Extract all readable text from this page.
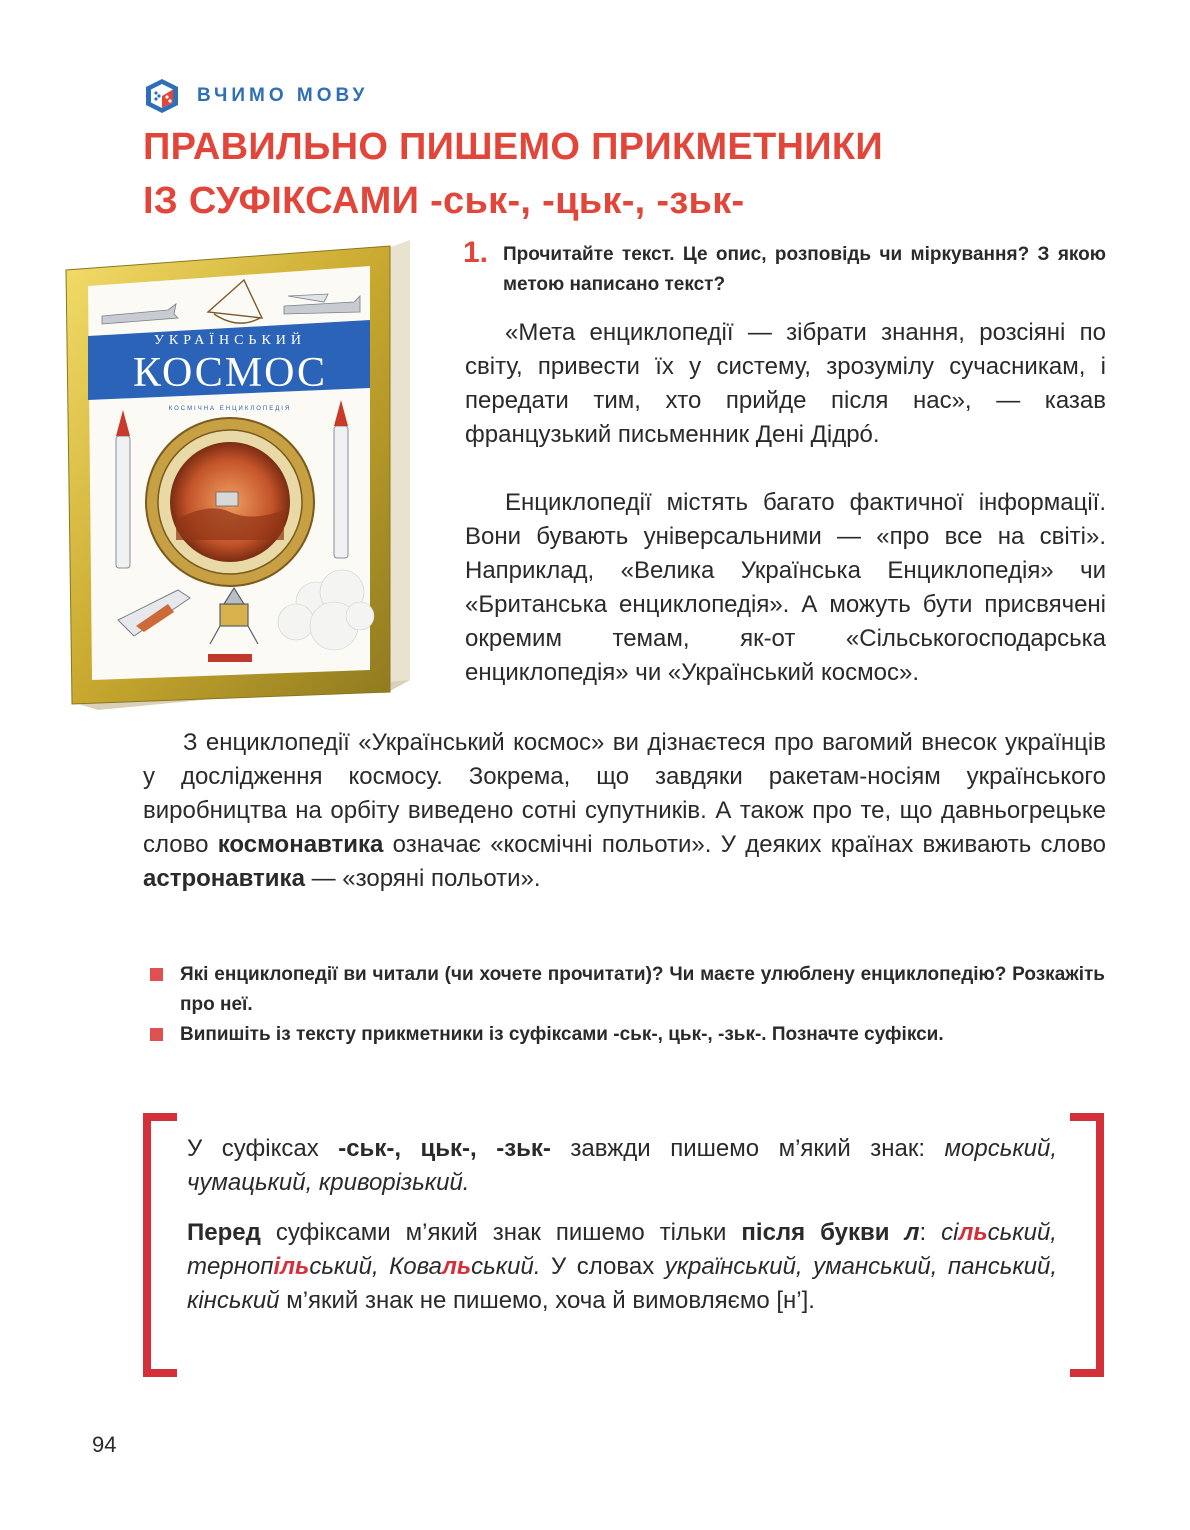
ВЧИМО МОВУ
ПРАВИЛЬНО ПИШЕМО ПРИКМЕТНИКИ
ІЗ СУФІКСАМИ -ськ-, -цьк-, -зьк-
УКРАЇНСЬКИЙ
КОСМОС
КОСМІЧНА ЕНЦИКЛОПЕДІЯ
1. Прочитайте текст. Це опис, розповідь чи міркування? З якою метою написано текст?

«Мета енциклопедії — зібрати знання, розсіяні по світу, привести їх у систему, зрозумілу сучасникам, і передати тим, хто прийде після нас», — казав французький письменник Дені Дідрó.

Енциклопедії містять багато фактичної інформації. Вони бувають універсальними — «про все на світі». Наприклад, «Велика Українська Енциклопедія» чи «Британська енциклопедія». А можуть бути присвячені окремим темам, як-от «Сільськогосподарська енциклопедія» чи «Український космос».

З енциклопедії «Український космос» ви дізнаєтеся про вагомий внесок українців у дослідження космосу. Зокрема, що завдяки ракетам-носіям українського виробництва на орбіту виведено сотні супутників. А також про те, що давньогрецьке слово космонавтика означає «космічні польоти». У деяких країнах вживають слово астронавтика — «зоряні польоти».

Які енциклопедії ви читали (чи хочете прочитати)? Чи маєте улюблену енциклопедію? Розкажіть про неї.

Випишіть із тексту прикметники із суфіксами -ськ-, цьк-, -зьк-. Позначте суфікси.

У суфіксах -ськ-, цьк-, -зьк- завжди пишемо м’який знак: морський, чумацький, криворізький.

Перед суфіксами м’який знак пишемо тільки після букви л: сільський, тернопільський, Ковальський. У словах український, уманський, панський, кінський м’який знак не пишемо, хоча й вимовляємо [н’].

94
